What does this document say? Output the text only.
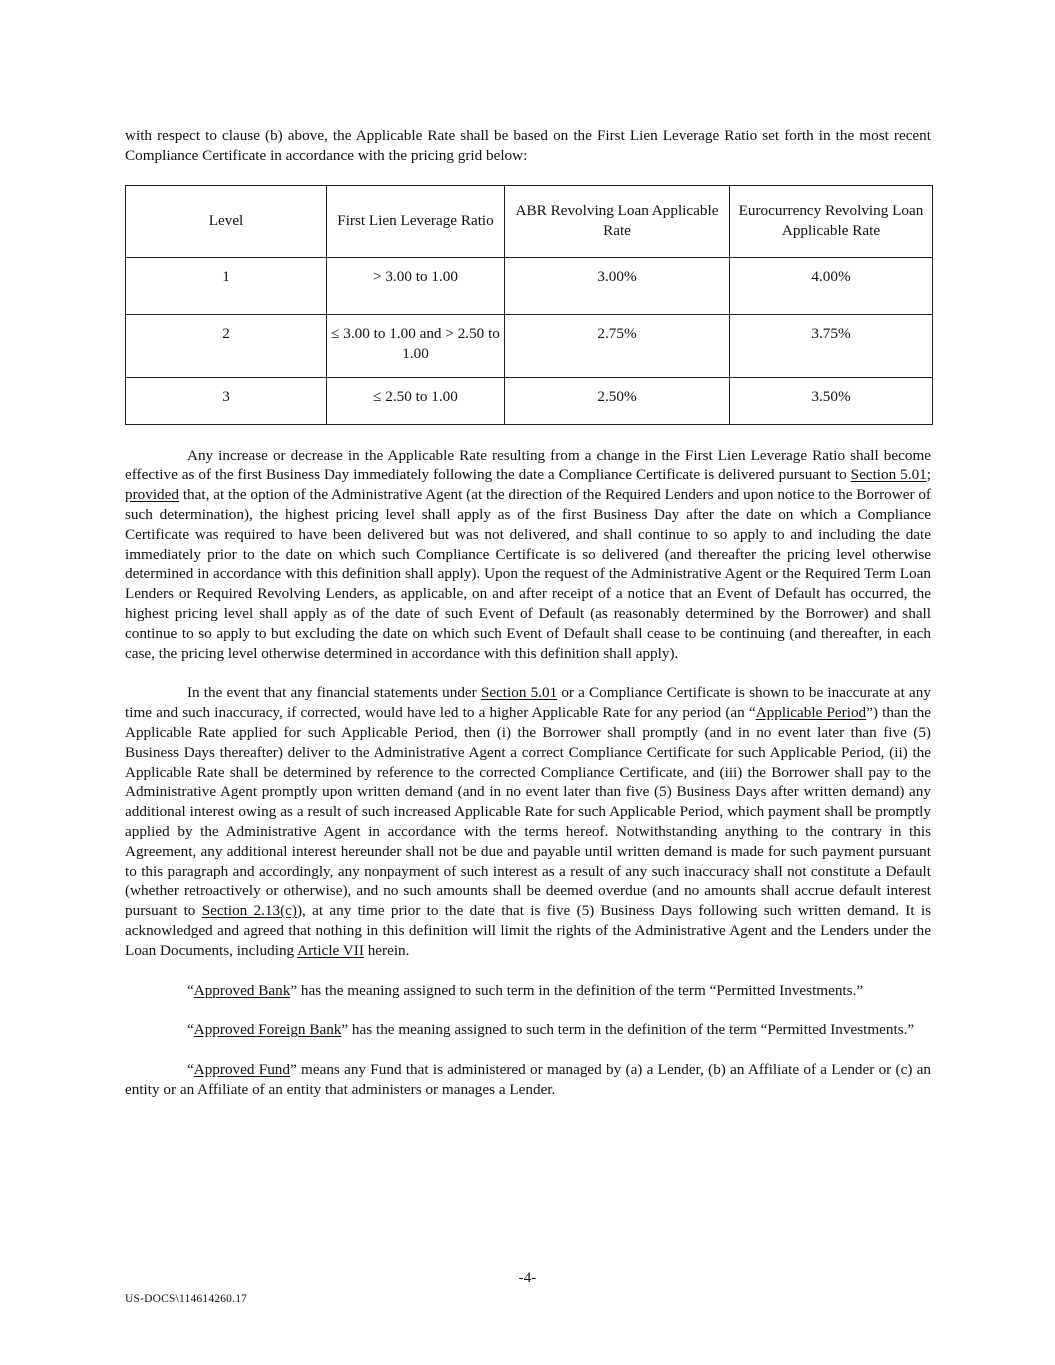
with respect to clause (b) above, the Applicable Rate shall be based on the First Lien Leverage Ratio set forth in the most recent Compliance Certificate in accordance with the pricing grid below:

Level	First Lien Leverage Ratio	ABR Revolving Loan Applicable Rate	Eurocurrency Revolving Loan Applicable Rate
1	> 3.00 to 1.00	3.00%	4.00%
2	≤ 3.00 to 1.00 and > 2.50 to 1.00	2.75%	3.75%
3	≤ 2.50 to 1.00	2.50%	3.50%

Any increase or decrease in the Applicable Rate resulting from a change in the First Lien Leverage Ratio shall become effective as of the first Business Day immediately following the date a Compliance Certificate is delivered pursuant to Section 5.01; provided that, at the option of the Administrative Agent (at the direction of the Required Lenders and upon notice to the Borrower of such determination), the highest pricing level shall apply as of the first Business Day after the date on which a Compliance Certificate was required to have been delivered but was not delivered, and shall continue to so apply to and including the date immediately prior to the date on which such Compliance Certificate is so delivered (and thereafter the pricing level otherwise determined in accordance with this definition shall apply). Upon the request of the Administrative Agent or the Required Term Loan Lenders or Required Revolving Lenders, as applicable, on and after receipt of a notice that an Event of Default has occurred, the highest pricing level shall apply as of the date of such Event of Default (as reasonably determined by the Borrower) and shall continue to so apply to but excluding the date on which such Event of Default shall cease to be continuing (and thereafter, in each case, the pricing level otherwise determined in accordance with this definition shall apply).

In the event that any financial statements under Section 5.01 or a Compliance Certificate is shown to be inaccurate at any time and such inaccuracy, if corrected, would have led to a higher Applicable Rate for any period (an “Applicable Period”) than the Applicable Rate applied for such Applicable Period, then (i) the Borrower shall promptly (and in no event later than five (5) Business Days thereafter) deliver to the Administrative Agent a correct Compliance Certificate for such Applicable Period, (ii) the Applicable Rate shall be determined by reference to the corrected Compliance Certificate, and (iii) the Borrower shall pay to the Administrative Agent promptly upon written demand (and in no event later than five (5) Business Days after written demand) any additional interest owing as a result of such increased Applicable Rate for such Applicable Period, which payment shall be promptly applied by the Administrative Agent in accordance with the terms hereof. Notwithstanding anything to the contrary in this Agreement, any additional interest hereunder shall not be due and payable until written demand is made for such payment pursuant to this paragraph and accordingly, any nonpayment of such interest as a result of any such inaccuracy shall not constitute a Default (whether retroactively or otherwise), and no such amounts shall be deemed overdue (and no amounts shall accrue default interest pursuant to Section 2.13(c)), at any time prior to the date that is five (5) Business Days following such written demand. It is acknowledged and agreed that nothing in this definition will limit the rights of the Administrative Agent and the Lenders under the Loan Documents, including Article VII herein.

“Approved Bank” has the meaning assigned to such term in the definition of the term “Permitted Investments.”

“Approved Foreign Bank” has the meaning assigned to such term in the definition of the term “Permitted Investments.”

“Approved Fund” means any Fund that is administered or managed by (a) a Lender, (b) an Affiliate of a Lender or (c) an entity or an Affiliate of an entity that administers or manages a Lender.

-4-
US-DOCS\114614260.17
